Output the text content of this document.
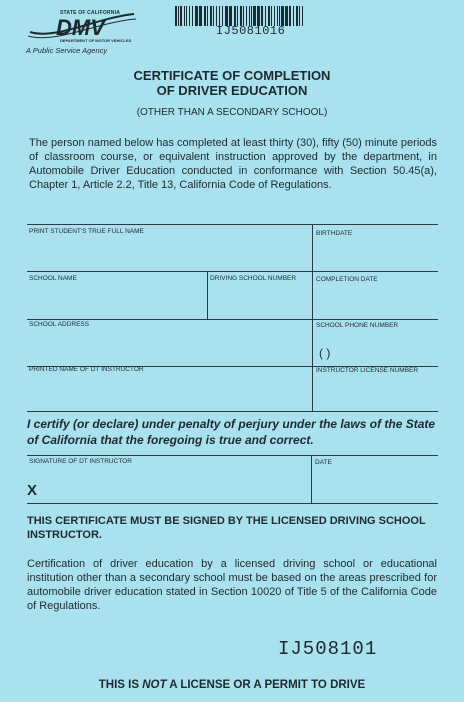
DMV
STATE OF CALIFORNIA
DEPARTMENT OF MOTOR VEHICLES
A Public Service Agency
IJ5081016
CERTIFICATE OF COMPLETION
OF DRIVER EDUCATION
(OTHER THAN A SECONDARY SCHOOL)
The person named below has completed at least thirty (30), fifty (50) minute periods of classroom course, or equivalent instruction approved by the department, in Automobile Driver Education conducted in conformance with Section 50.45(a), Chapter 1, Article 2.2, Title 13, California Code of Regulations.
PRINT STUDENT'S TRUE FULL NAME	BIRTHDATE
SCHOOL NAME	DRIVING SCHOOL NUMBER	COMPLETION DATE
SCHOOL ADDRESS	SCHOOL PHONE NUMBER
( )
PRINTED NAME OF DT INSTRUCTOR	INSTRUCTOR LICENSE NUMBER
I certify (or declare) under penalty of perjury under the laws of the State of California that the foregoing is true and correct.
SIGNATURE OF DT INSTRUCTOR	DATE
X
THIS CERTIFICATE MUST BE SIGNED BY THE LICENSED DRIVING SCHOOL INSTRUCTOR.
Certification of driver education by a licensed driving school or educational institution other than a secondary school must be based on the areas prescribed for automobile driver education stated in Section 10020 of Title 5 of the California Code of Regulations.
IJ508101
THIS IS NOT A LICENSE OR A PERMIT TO DRIVE
